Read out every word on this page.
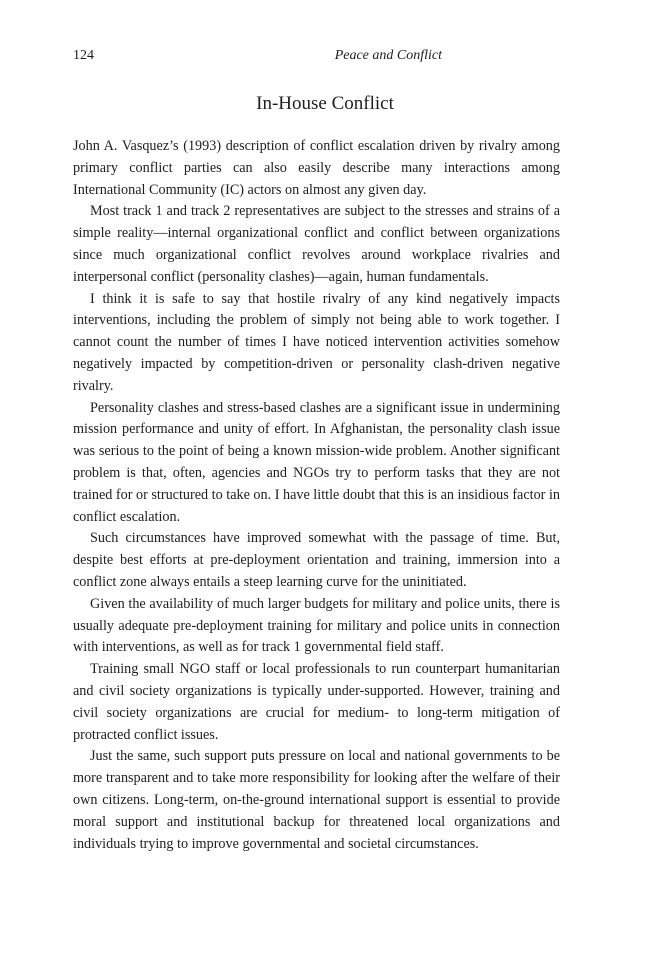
124	Peace and Conflict
In-House Conflict

John A. Vasquez’s (1993) description of conflict escalation driven by rivalry among primary conflict parties can also easily describe many interactions among International Community (IC) actors on almost any given day.

Most track 1 and track 2 representatives are subject to the stresses and strains of a simple reality—internal organizational conflict and conflict between organizations since much organizational conflict revolves around workplace rivalries and interpersonal conflict (personality clashes)—again, human fundamentals.

I think it is safe to say that hostile rivalry of any kind negatively impacts interventions, including the problem of simply not being able to work together. I cannot count the number of times I have noticed intervention activities somehow negatively impacted by competition-driven or personality clash-driven negative rivalry.

Personality clashes and stress-based clashes are a significant issue in undermining mission performance and unity of effort. In Afghanistan, the personality clash issue was serious to the point of being a known mission-wide problem. Another significant problem is that, often, agencies and NGOs try to perform tasks that they are not trained for or structured to take on. I have little doubt that this is an insidious factor in conflict escalation.

Such circumstances have improved somewhat with the passage of time. But, despite best efforts at pre-deployment orientation and training, immersion into a conflict zone always entails a steep learning curve for the uninitiated.

Given the availability of much larger budgets for military and police units, there is usually adequate pre-deployment training for military and police units in connection with interventions, as well as for track 1 governmental field staff.

Training small NGO staff or local professionals to run counterpart humanitarian and civil society organizations is typically under-supported. However, training and civil society organizations are crucial for medium- to long-term mitigation of protracted conflict issues.

Just the same, such support puts pressure on local and national governments to be more transparent and to take more responsibility for looking after the welfare of their own citizens. Long-term, on-the-ground international support is essential to provide moral support and institutional backup for threatened local organizations and individuals trying to improve governmental and societal circumstances.
